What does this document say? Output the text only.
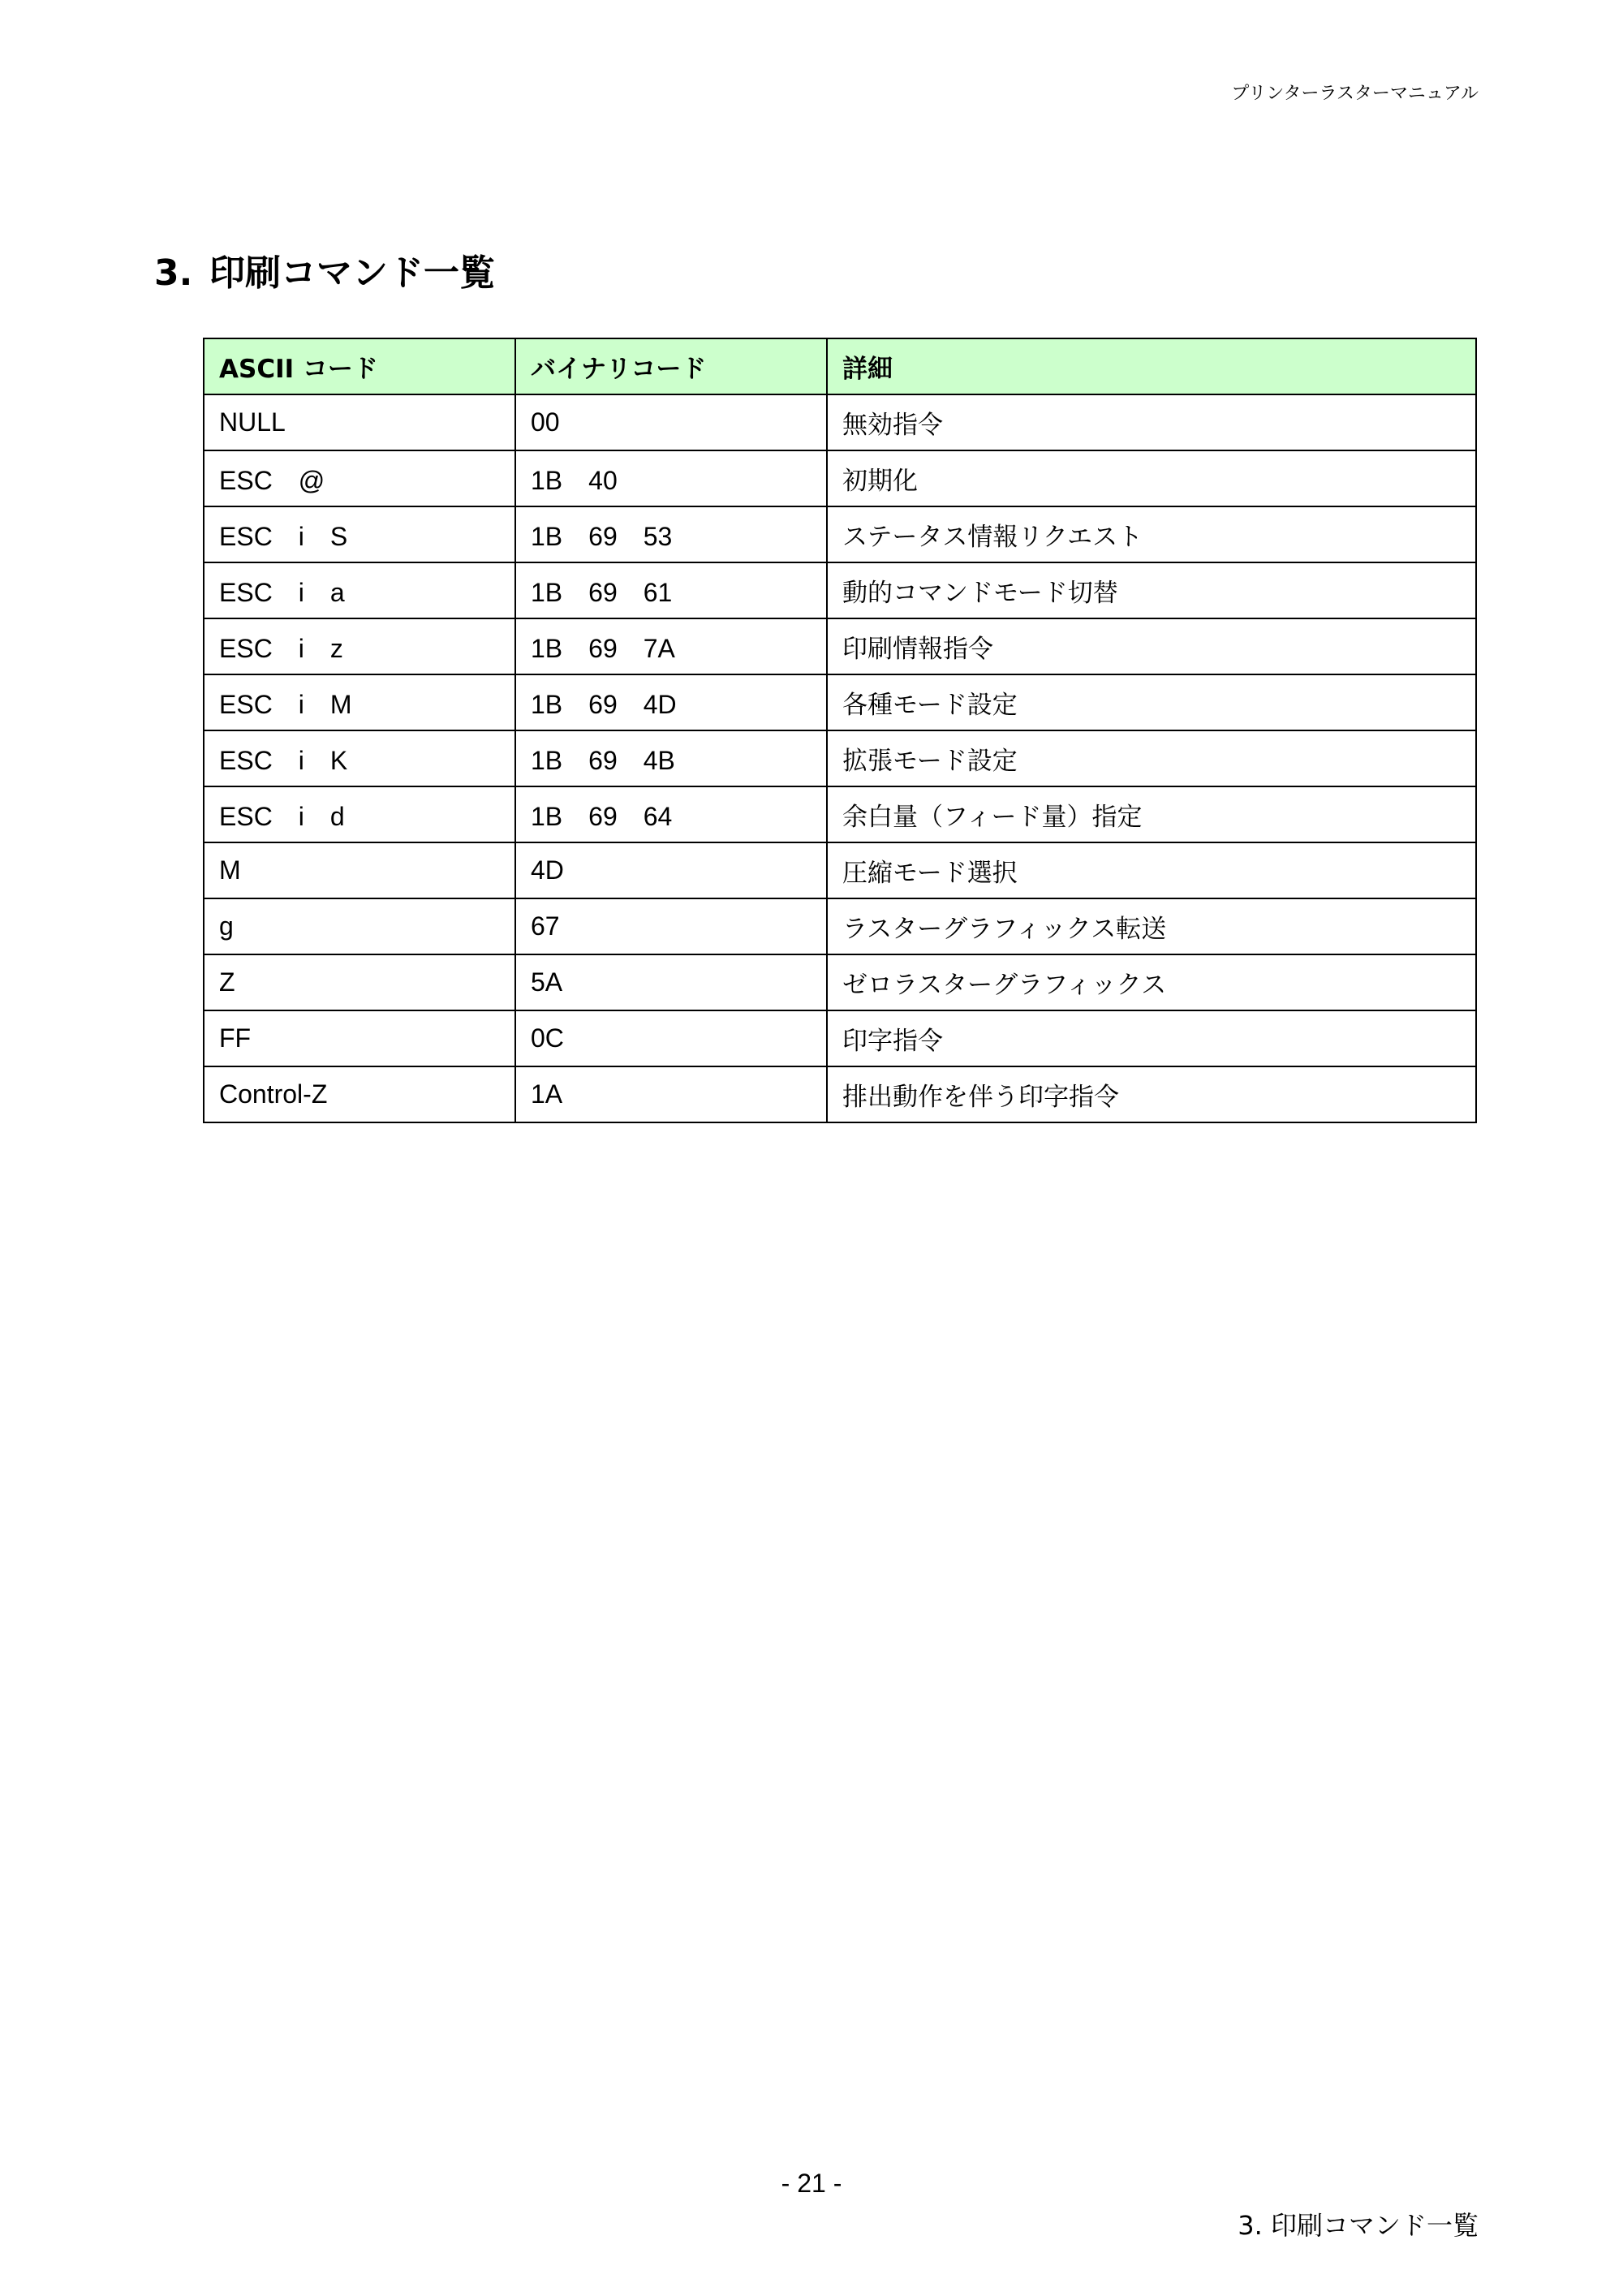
プリンターラスターマニュアル
3. 印刷コマンド一覧
ASCII コード	バイナリコード	詳細
NULL	00	無効指令
ESC　@	1B　40	初期化
ESC　i　S	1B　69　53	ステータス情報リクエスト
ESC　i　a	1B　69　61	動的コマンドモード切替
ESC　i　z	1B　69　7A	印刷情報指令
ESC　i　M	1B　69　4D	各種モード設定
ESC　i　K	1B　69　4B	拡張モード設定
ESC　i　d	1B　69　64	余白量（フィード量）指定
M	4D	圧縮モード選択
g	67	ラスターグラフィックス転送
Z	5A	ゼロラスターグラフィックス
FF	0C	印字指令
Control-Z	1A	排出動作を伴う印字指令
- 21 -
3. 印刷コマンド一覧
